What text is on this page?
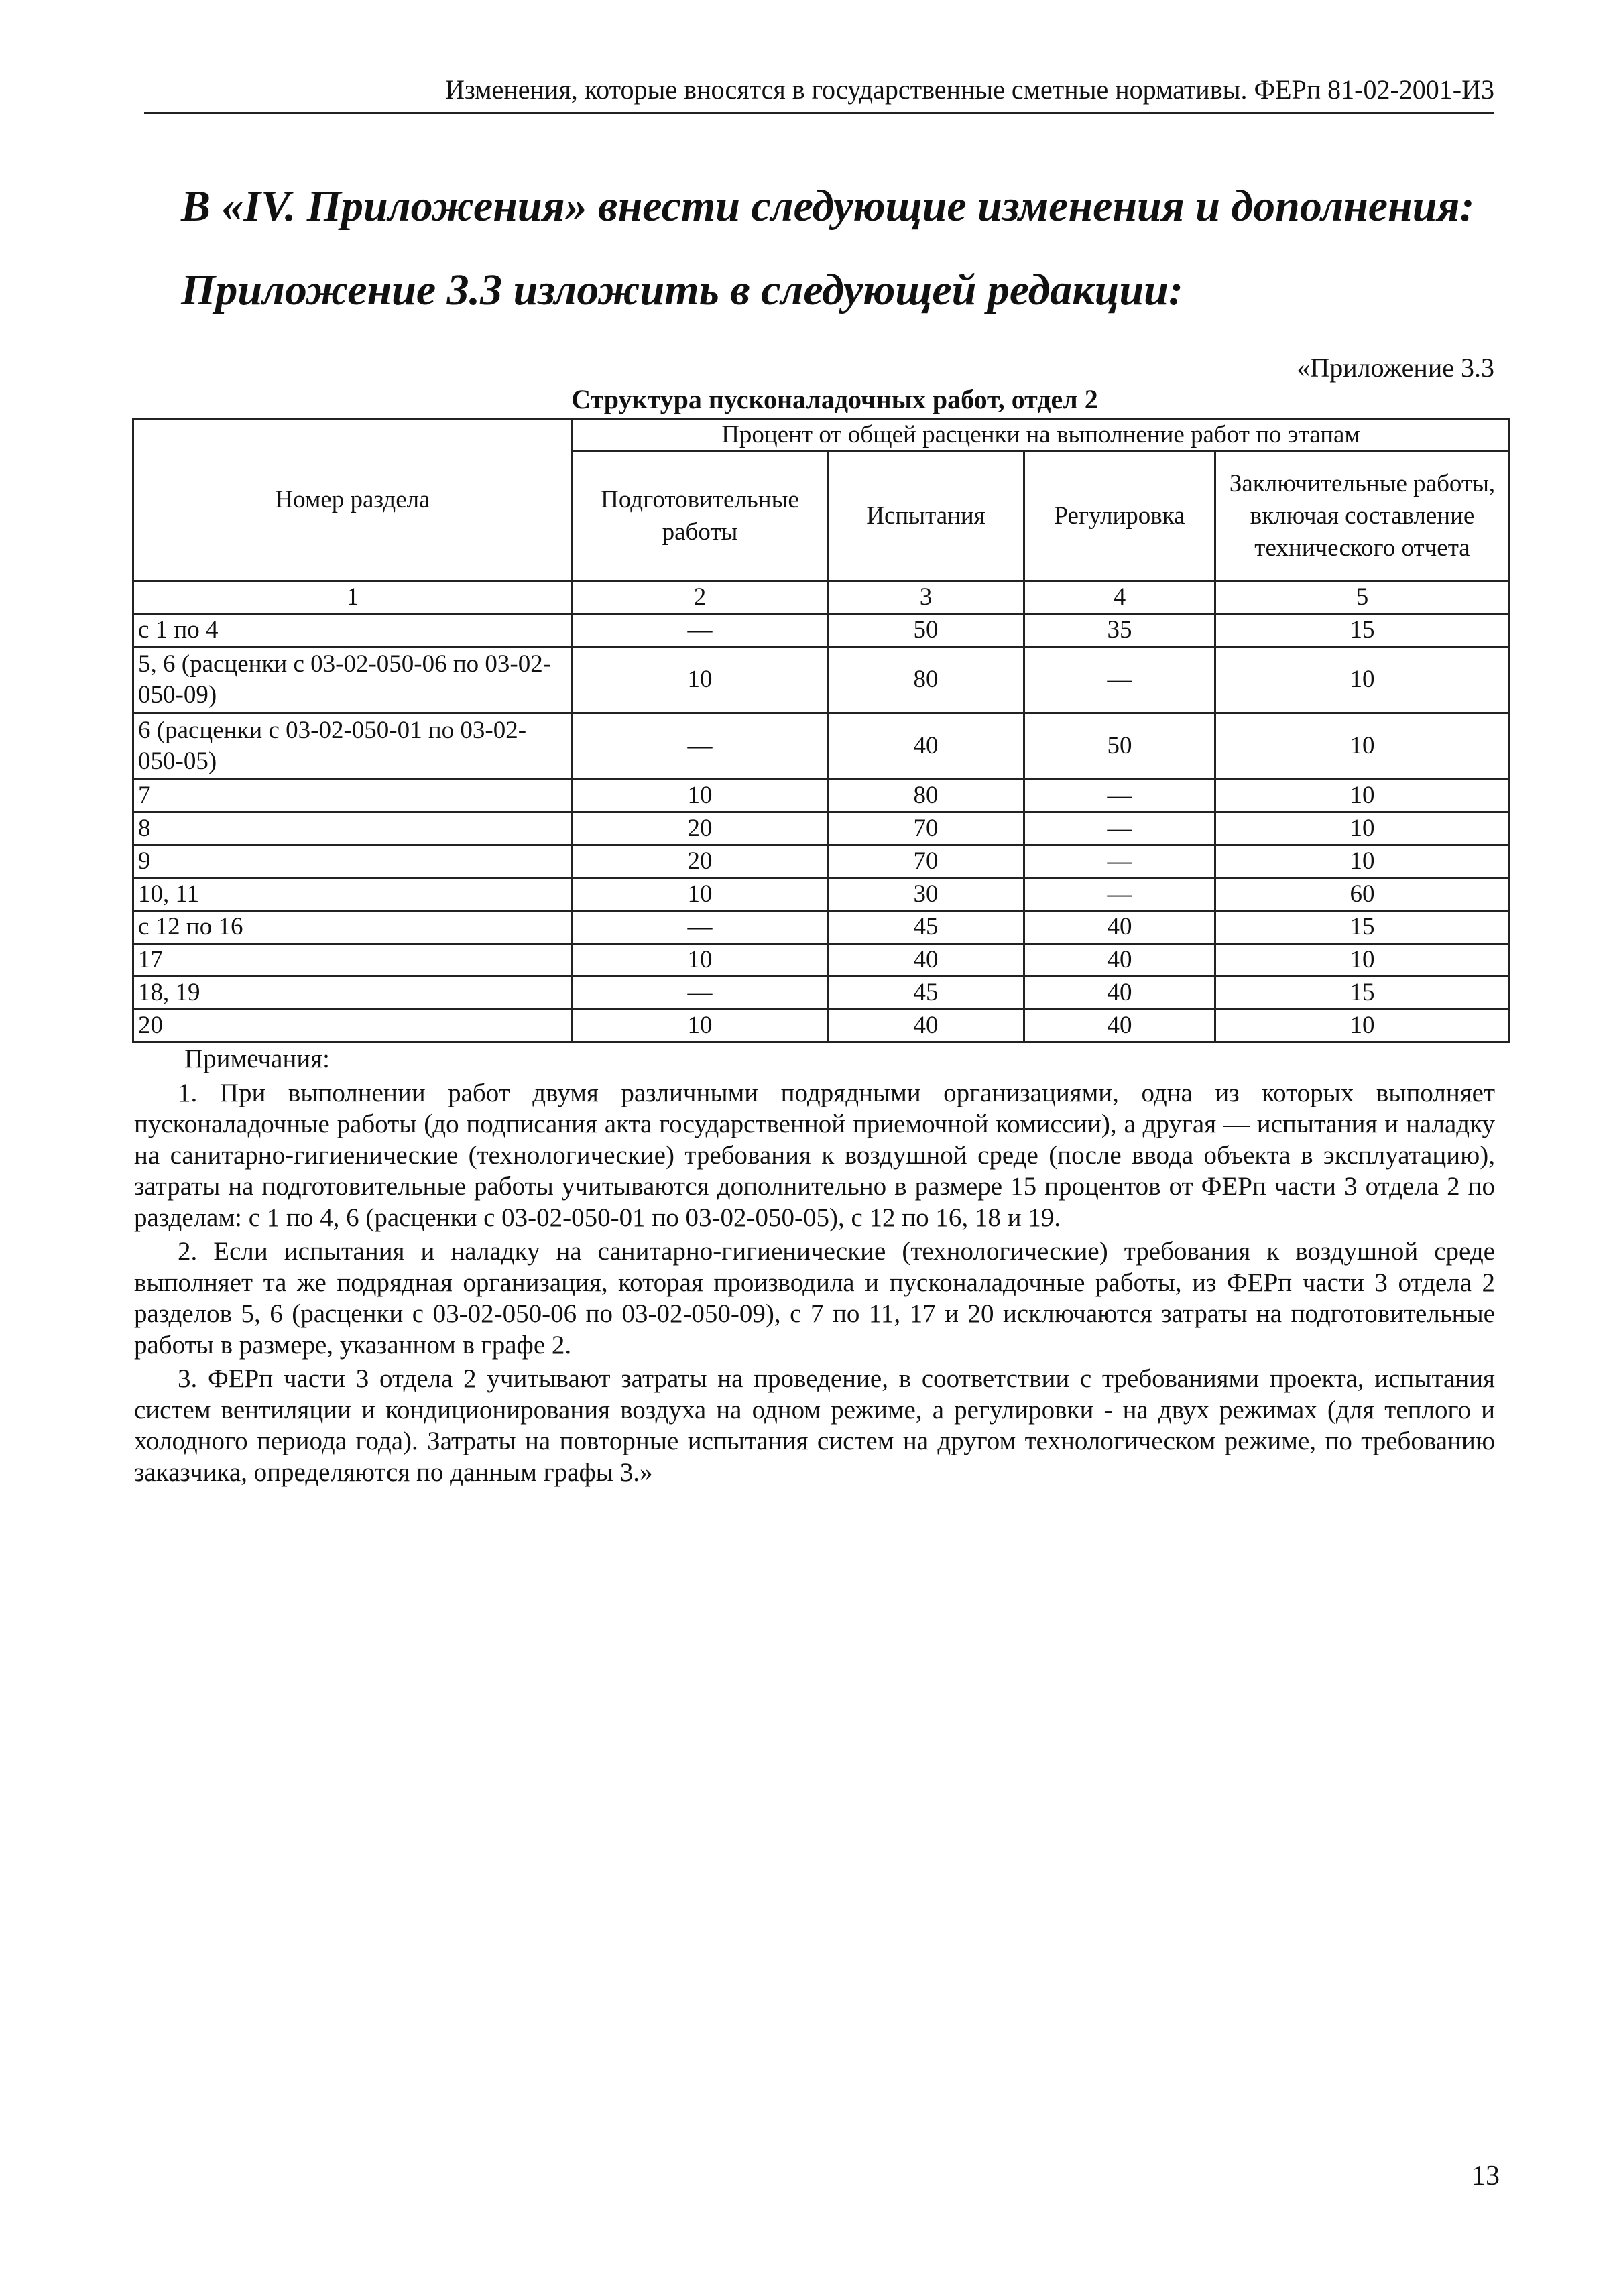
Изменения, которые вносятся в государственные сметные нормативы. ФЕРп 81-02-2001-И3
В «IV. Приложения» внести следующие изменения и дополнения:
Приложение 3.3 изложить в следующей редакции:
«Приложение 3.3
Структура пусконаладочных работ, отдел 2
Номер раздела	Процент от общей расценки на выполнение работ по этапам			
	Подготовительные работы	Испытания	Регулировка	Заключительные работы, включая составление технического отчета
1	2	3	4	5
с 1 по 4	—	50	35	15
5, 6 (расценки с 03-02-050-06 по 03-02-050-09)	10	80	—	10
6 (расценки с 03-02-050-01 по 03-02-050-05)	—	40	50	10
7	10	80	—	10
8	20	70	—	10
9	20	70	—	10
10, 11	10	30	—	60
с 12 по 16	—	45	40	15
17	10	40	40	10
18, 19	—	45	40	15
20	10	40	40	10

Примечания:

1. При выполнении работ двумя различными подрядными организациями, одна из которых выполняет пусконаладочные работы (до подписания акта государственной приемочной комиссии), а другая — испытания и наладку на санитарно-гигиенические (технологические) требования к воздушной среде (после ввода объекта в эксплуатацию), затраты на подготовительные работы учитываются дополнительно в размере 15 процентов от ФЕРп части 3 отдела 2 по разделам: с 1 по 4, 6 (расценки с 03-02-050-01 по 03-02-050-05), с 12 по 16, 18 и 19.

2. Если испытания и наладку на санитарно-гигиенические (технологические) требования к воздушной среде выполняет та же подрядная организация, которая производила и пусконаладочные работы, из ФЕРп части 3 отдела 2 разделов 5, 6 (расценки с 03-02-050-06 по 03-02-050-09), с 7 по 11, 17 и 20 исключаются затраты на подготовительные работы в размере, указанном в графе 2.

3. ФЕРп части 3 отдела 2 учитывают затраты на проведение, в соответствии с требованиями проекта, испытания систем вентиляции и кондиционирования воздуха на одном режиме, а регулировки - на двух режимах (для теплого и холодного периода года). Затраты на повторные испытания систем на другом технологическом режиме, по требованию заказчика, определяются по данным графы 3.»

13
